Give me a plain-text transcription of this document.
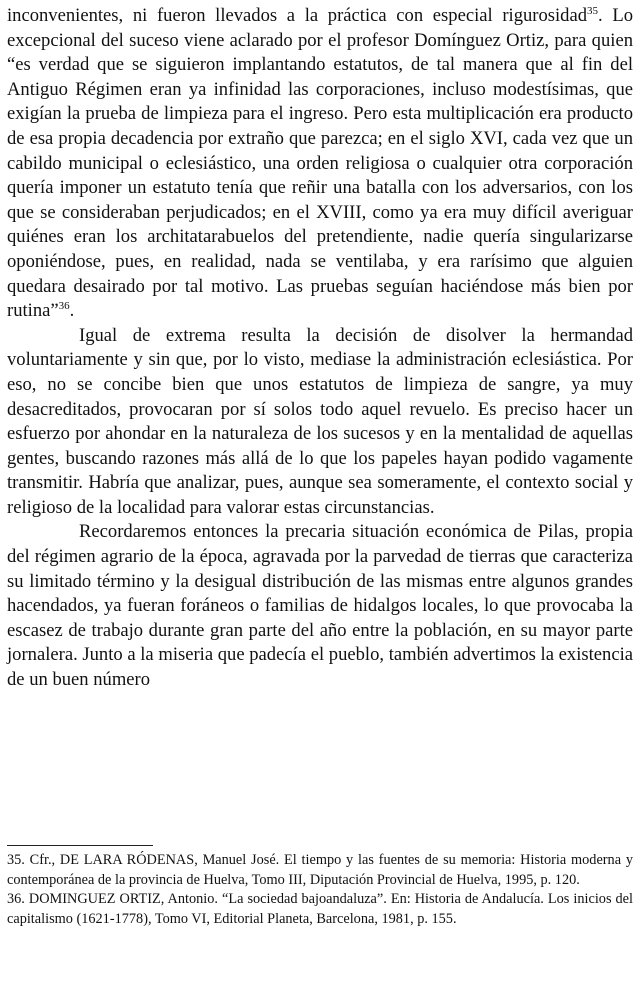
inconvenientes, ni fueron llevados a la práctica con especial rigurosidad$^{35}$. Lo excepcional del suceso viene aclarado por el profesor Domínguez Ortiz, para quien “es verdad que se siguieron implantando estatutos, de tal manera que al fin del Antiguo Régimen eran ya infinidad las corporaciones, incluso modestísimas, que exigían la prueba de limpieza para el ingreso. Pero esta multiplicación era producto de esa propia decadencia por extraño que parezca; en el siglo XVI, cada vez que un cabildo municipal o eclesiástico, una orden religiosa o cualquier otra corporación quería imponer un estatuto tenía que reñir una batalla con los adversarios, con los que se consideraban perjudicados; en el XVIII, como ya era muy difícil averiguar quiénes eran los architatarabuelos del pretendiente, nadie quería singularizarse oponiéndose, pues, en realidad, nada se ventilaba, y era rarísimo que alguien quedara desairado por tal motivo. Las pruebas seguían haciéndose más bien por rutina”$^{36}$.

Igual de extrema resulta la decisión de disolver la hermandad voluntariamente y sin que, por lo visto, mediase la administración eclesiástica. Por eso, no se concibe bien que unos estatutos de limpieza de sangre, ya muy desacreditados, provocaran por sí solos todo aquel revuelo. Es preciso hacer un esfuerzo por ahondar en la naturaleza de los sucesos y en la mentalidad de aquellas gentes, buscando razones más allá de lo que los papeles hayan podido vagamente transmitir. Habría que analizar, pues, aunque sea someramente, el contexto social y religioso de la localidad para valorar estas circunstancias.

Recordaremos entonces la precaria situación económica de Pilas, propia del régimen agrario de la época, agravada por la parvedad de tierras que caracteriza su limitado término y la desigual distribución de las mismas entre algunos grandes hacendados, ya fueran foráneos o familias de hidalgos locales, lo que provocaba la escasez de trabajo durante gran parte del año entre la población, en su mayor parte jornalera. Junto a la miseria que padecía el pueblo, también advertimos la existencia de un buen número

35. Cfr., DE LARA RÓDENAS, Manuel José. El tiempo y las fuentes de su memoria: Historia moderna y contemporánea de la provincia de Huelva, Tomo III, Diputación Provincial de Huelva, 1995, p. 120.

36. DOMINGUEZ ORTIZ, Antonio. “La sociedad bajoandaluza”. En: Historia de Andalucía. Los inicios del capitalismo (1621-1778), Tomo VI, Editorial Planeta, Barcelona, 1981, p. 155.
